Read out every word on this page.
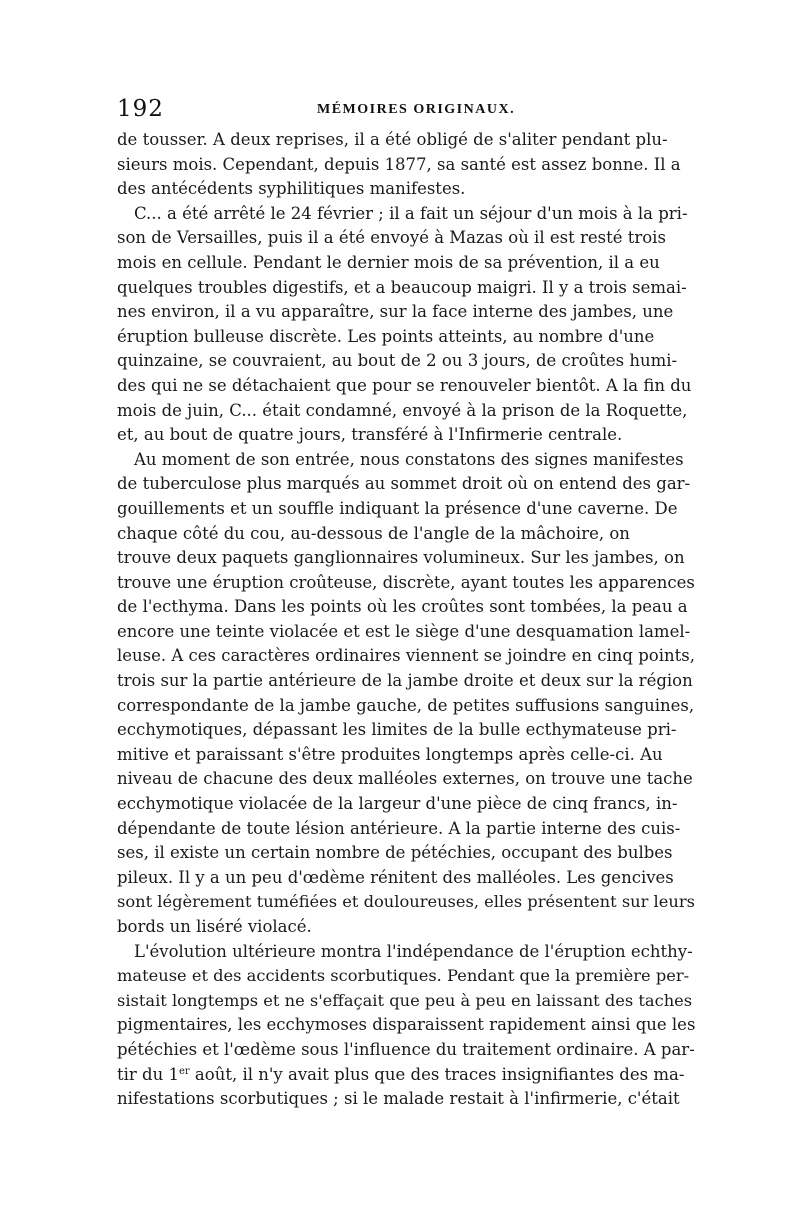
192	MÉMOIRES ORIGINAUX.
de tousser. A deux reprises, il a été obligé de s'aliter pendant plu-
sieurs mois. Cependant, depuis 1877, sa santé est assez bonne. Il a
des antécédents syphilitiques manifestes.
C... a été arrêté le 24 février ; il a fait un séjour d'un mois à la pri-
son de Versailles, puis il a été envoyé à Mazas où il est resté trois
mois en cellule. Pendant le dernier mois de sa prévention, il a eu
quelques troubles digestifs, et a beaucoup maigri. Il y a trois semai-
nes environ, il a vu apparaître, sur la face interne des jambes, une
éruption bulleuse discrète. Les points atteints, au nombre d'une
quinzaine, se couvraient, au bout de 2 ou 3 jours, de croûtes humi-
des qui ne se détachaient que pour se renouveler bientôt. A la fin du
mois de juin, C... était condamné, envoyé à la prison de la Roquette,
et, au bout de quatre jours, transféré à l'Infirmerie centrale.
Au moment de son entrée, nous constatons des signes manifestes
de tuberculose plus marqués au sommet droit où on entend des gar-
gouillements et un souffle indiquant la présence d'une caverne. De
chaque côté du cou, au-dessous de l'angle de la mâchoire, on
trouve deux paquets ganglionnaires volumineux. Sur les jambes, on
trouve une éruption croûteuse, discrète, ayant toutes les apparences
de l'ecthyma. Dans les points où les croûtes sont tombées, la peau a
encore une teinte violacée et est le siège d'une desquamation lamel-
leuse. A ces caractères ordinaires viennent se joindre en cinq points,
trois sur la partie antérieure de la jambe droite et deux sur la région
correspondante de la jambe gauche, de petites suffusions sanguines,
ecchymotiques, dépassant les limites de la bulle ecthymateuse pri-
mitive et paraissant s'être produites longtemps après celle-ci. Au
niveau de chacune des deux malléoles externes, on trouve une tache
ecchymotique violacée de la largeur d'une pièce de cinq francs, in-
dépendante de toute lésion antérieure. A la partie interne des cuis-
ses, il existe un certain nombre de pétéchies, occupant des bulbes
pileux. Il y a un peu d'œdème rénitent des malléoles. Les gencives
sont légèrement tuméfiées et douloureuses, elles présentent sur leurs
bords un liséré violacé.
L'évolution ultérieure montra l'indépendance de l'éruption echthy-
mateuse et des accidents scorbutiques. Pendant que la première per-
sistait longtemps et ne s'effaçait que peu à peu en laissant des taches
pigmentaires, les ecchymoses disparaissent rapidement ainsi que les
pétéchies et l'œdème sous l'influence du traitement ordinaire. A par-
tir du 1er août, il n'y avait plus que des traces insignifiantes des ma-
nifestations scorbutiques ; si le malade restait à l'infirmerie, c'était
